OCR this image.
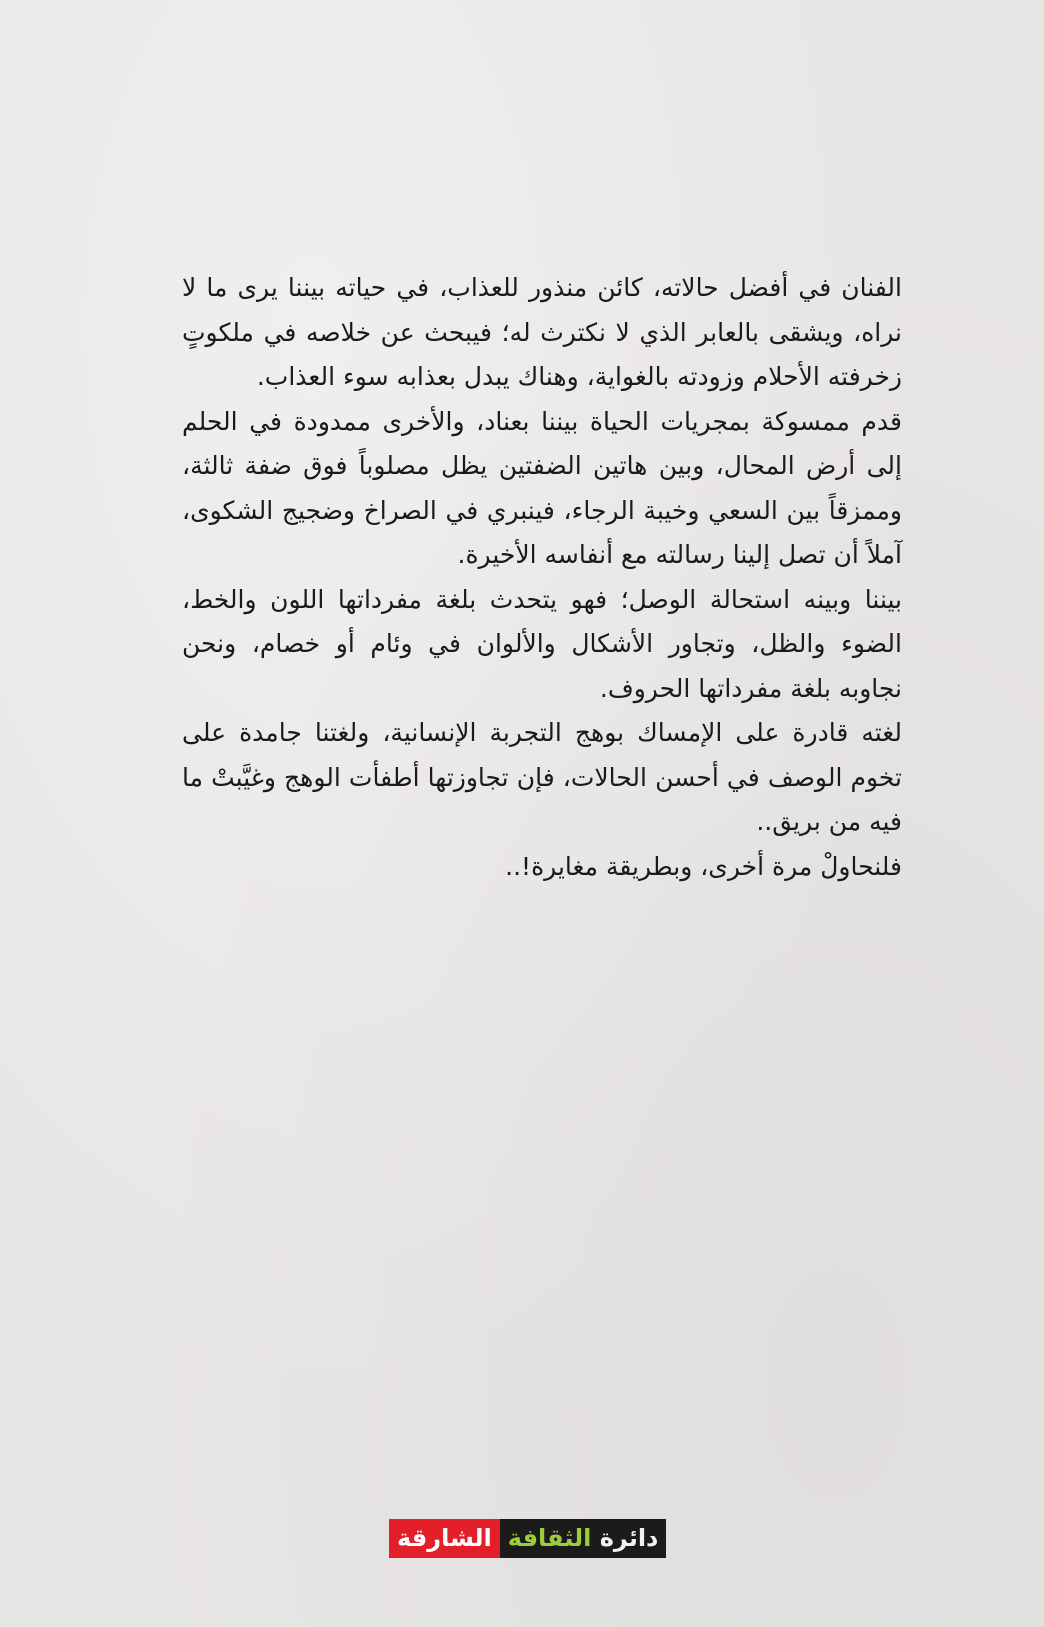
الفنان في أفضل حالاته، كائن منذور للعذاب، في حياته بيننا يرى ما لا نراه، ويشقى بالعابر الذي لا نكترث له؛ فيبحث عن خلاصه في ملكوتٍ زخرفته الأحلام وزودته بالغواية، وهناك يبدل بعذابه سوء العذاب.

قدم ممسوكة بمجريات الحياة بيننا بعناد، والأخرى ممدودة في الحلم إلى أرض المحال، وبين هاتين الضفتين يظل مصلوباً فوق ضفة ثالثة، وممزقاً بين السعي وخيبة الرجاء، فينبري في الصراخ وضجيج الشكوى، آملاً أن تصل إلينا رسالته مع أنفاسه الأخيرة.

بيننا وبينه استحالة الوصل؛ فهو يتحدث بلغة مفرداتها اللون والخط، الضوء والظل، وتجاور الأشكال والألوان في وئام أو خصام، ونحن نجاوبه بلغة مفرداتها الحروف.

لغته قادرة على الإمساك بوهج التجربة الإنسانية، ولغتنا جامدة على تخوم الوصف في أحسن الحالات، فإن تجاوزتها أطفأت الوهج وغيَّبتْ ما فيه من بريق..

فلنحاولْ مرة أخرى، وبطريقة مغايرة!..

الشارقة	دائرة الثقافة
